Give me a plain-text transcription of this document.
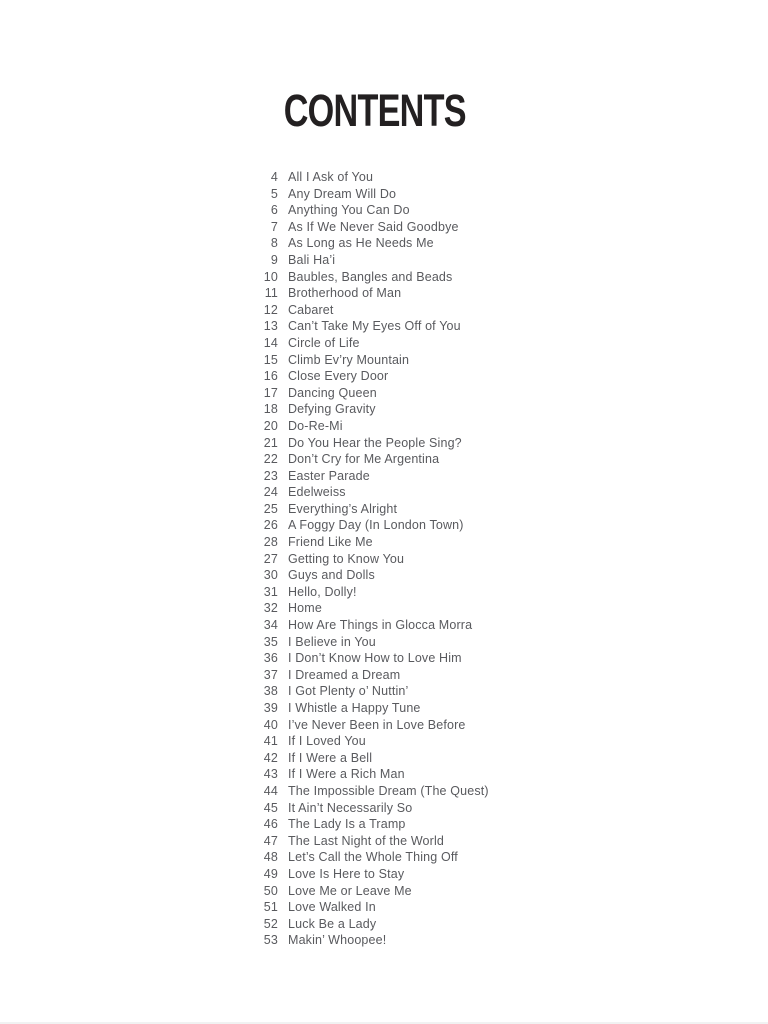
CONTENTS
4 All I Ask of You
5 Any Dream Will Do
6 Anything You Can Do
7 As If We Never Said Goodbye
8 As Long as He Needs Me
9 Bali Ha’i
10 Baubles, Bangles and Beads
11 Brotherhood of Man
12 Cabaret
13 Can’t Take My Eyes Off of You
14 Circle of Life
15 Climb Ev’ry Mountain
16 Close Every Door
17 Dancing Queen
18 Defying Gravity
20 Do-Re-Mi
21 Do You Hear the People Sing?
22 Don’t Cry for Me Argentina
23 Easter Parade
24 Edelweiss
25 Everything’s Alright
26 A Foggy Day (In London Town)
28 Friend Like Me
27 Getting to Know You
30 Guys and Dolls
31 Hello, Dolly!
32 Home
34 How Are Things in Glocca Morra
35 I Believe in You
36 I Don’t Know How to Love Him
37 I Dreamed a Dream
38 I Got Plenty o’ Nuttin’
39 I Whistle a Happy Tune
40 I’ve Never Been in Love Before
41 If I Loved You
42 If I Were a Bell
43 If I Were a Rich Man
44 The Impossible Dream (The Quest)
45 It Ain’t Necessarily So
46 The Lady Is a Tramp
47 The Last Night of the World
48 Let’s Call the Whole Thing Off
49 Love Is Here to Stay
50 Love Me or Leave Me
51 Love Walked In
52 Luck Be a Lady
53 Makin’ Whoopee!
